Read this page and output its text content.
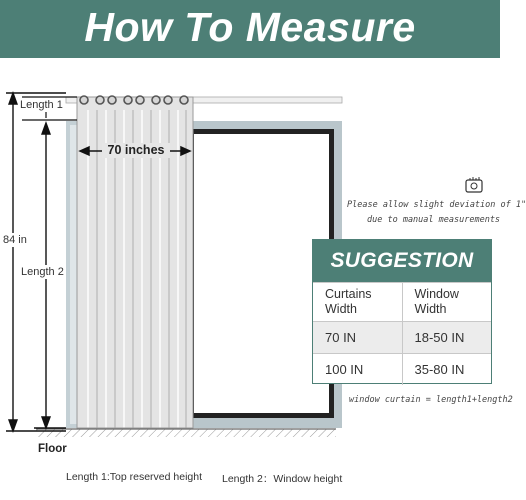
How To Measure
Length 1
84 in
Length 2
70 inches
Floor
Please allow slight deviation of 1"
due to manual measurements
SUGGESTION
Curtains Width
Window Width
70 IN	18-50 IN
100 IN	35-80 IN
window curtain = length1+length2
Length 1:Top reserved height Length 2：Window height
